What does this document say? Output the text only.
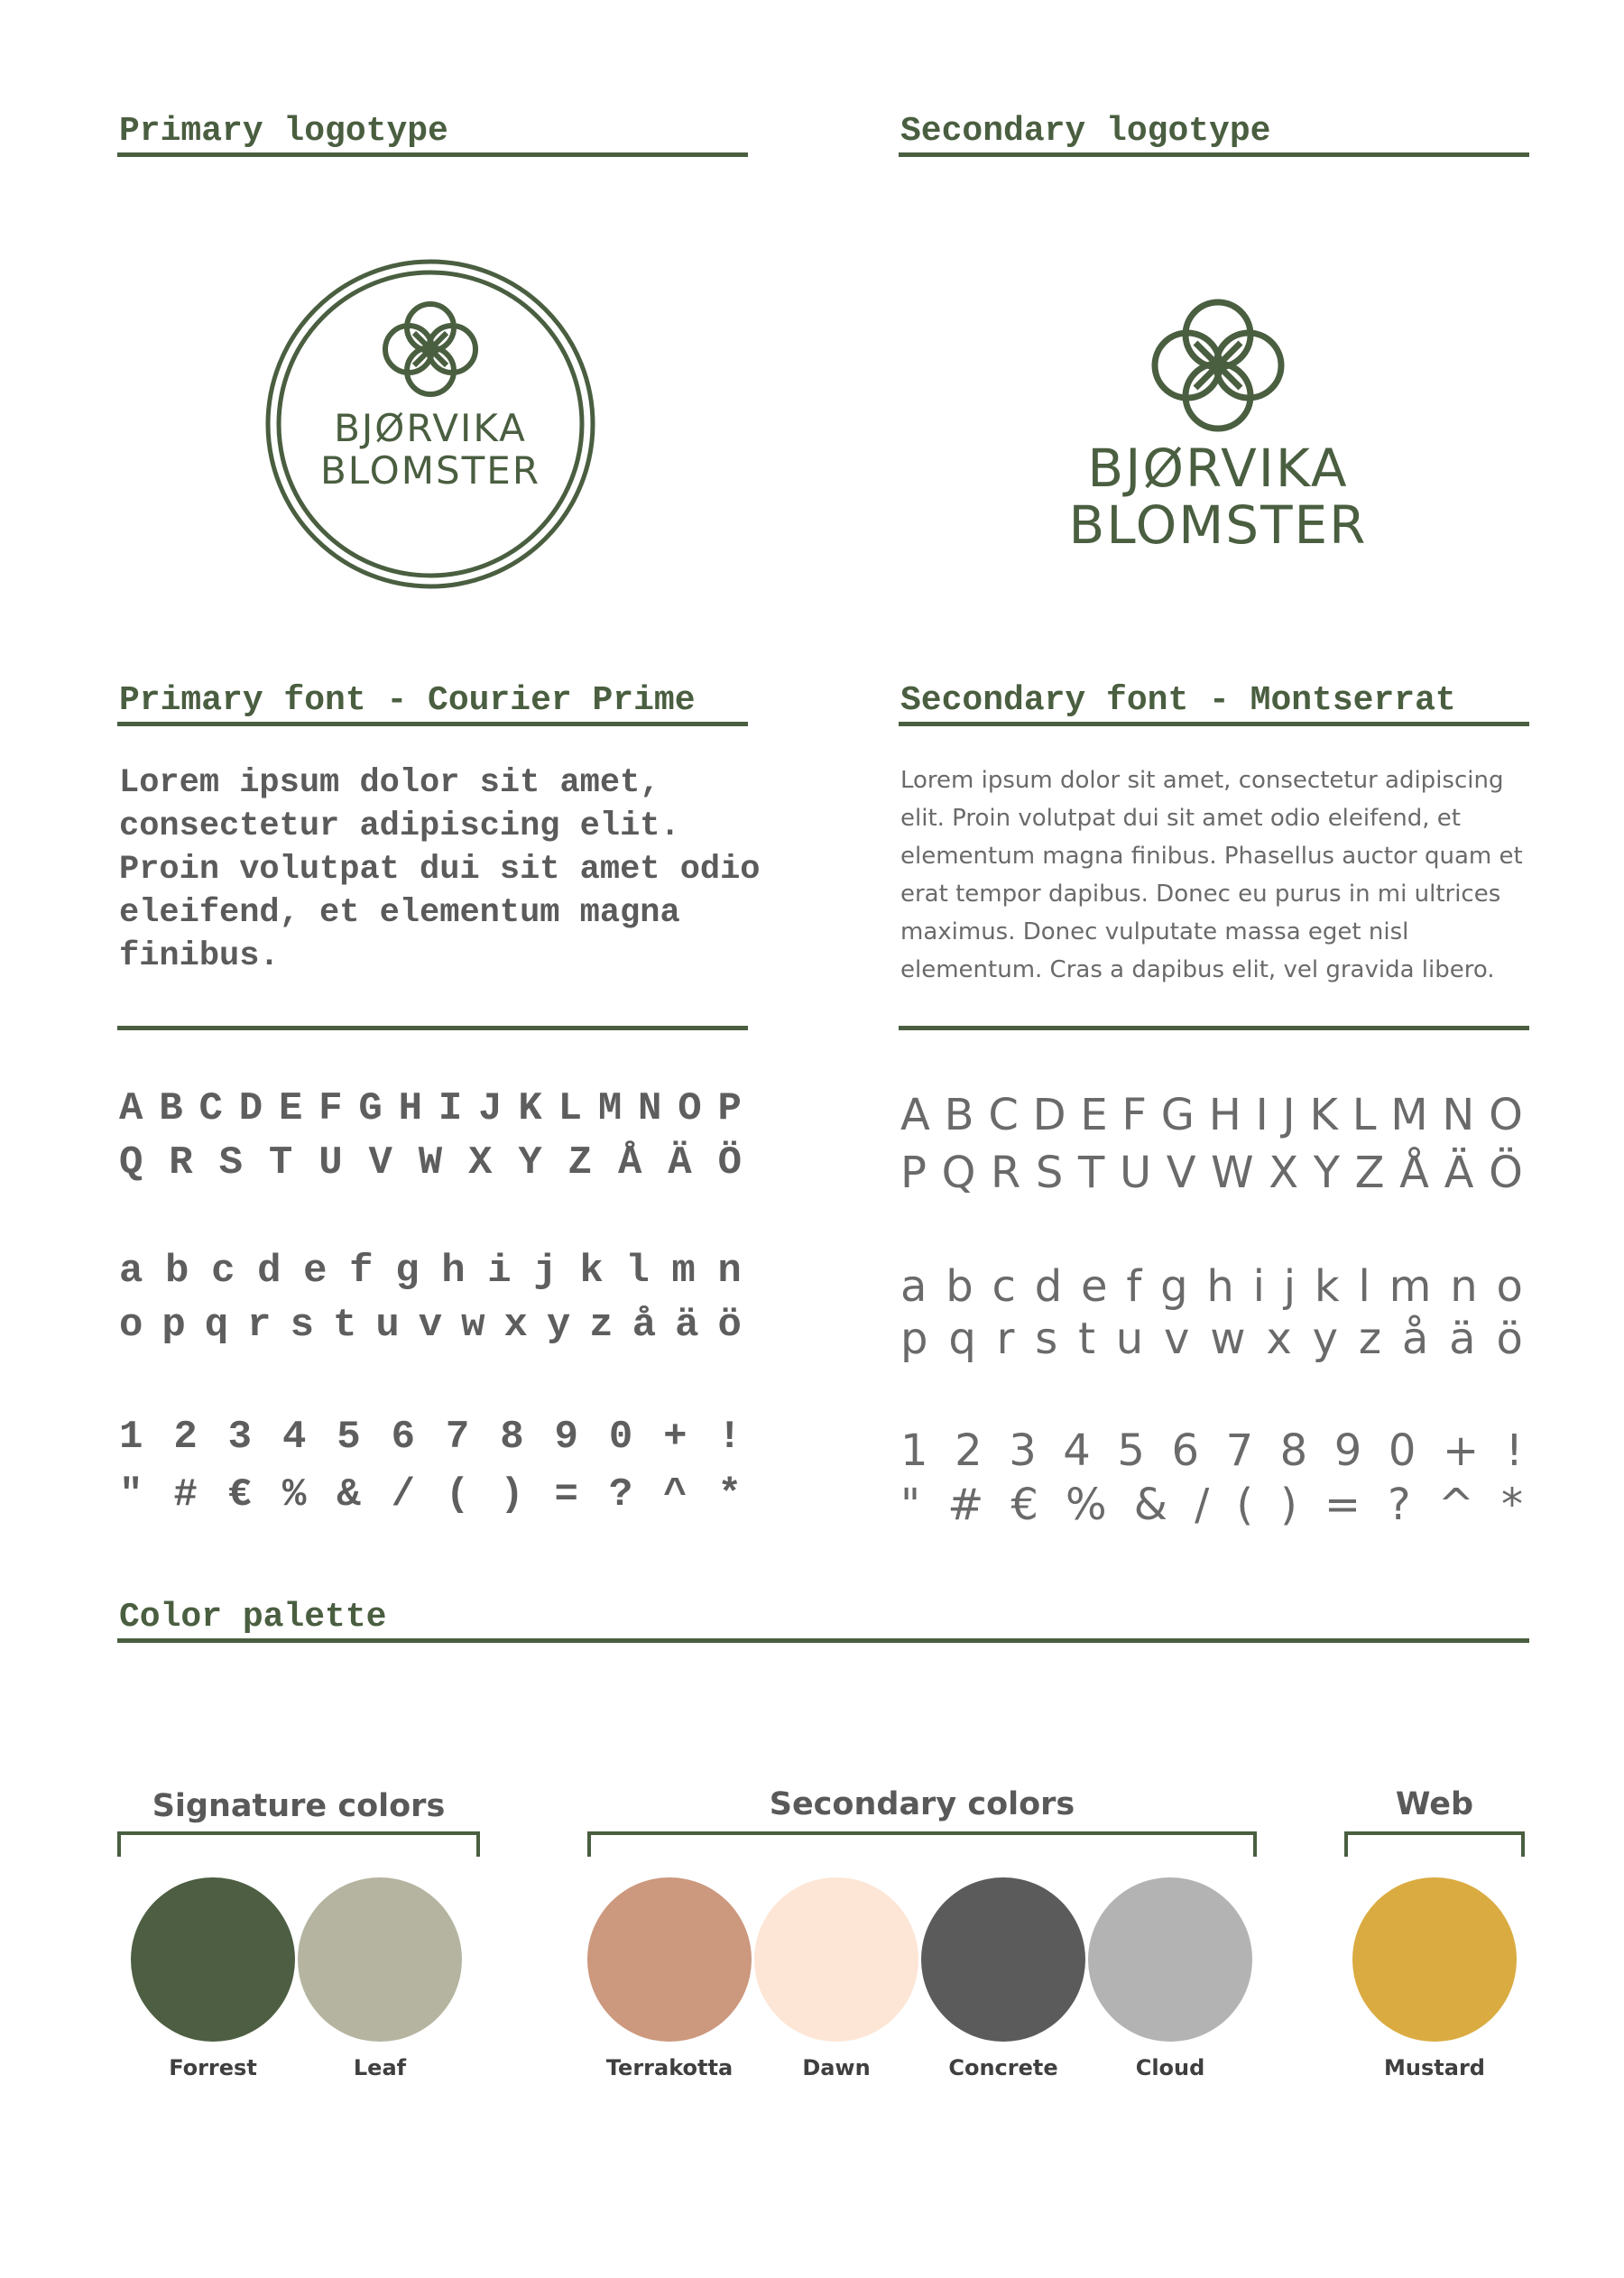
Primary logotype	Secondary logotype
BJØRVIKA
BLOMSTER	BJØRVIKA
BLOMSTER
Primary font - Courier Prime	Secondary font - Montserrat
Lorem ipsum dolor sit amet, consectetur adipiscing elit. Proin volutpat dui sit amet odio eleifend, et elementum magna finibus.
Lorem ipsum dolor sit amet, consectetur adipiscing elit. Proin volutpat dui sit amet odio eleifend, et elementum magna finibus. Phasellus auctor quam et erat tempor dapibus. Donec eu purus in mi ultrices maximus. Donec vulputate massa eget nisl elementum. Cras a dapibus elit, vel gravida libero.
A B C D E F G H I J K L M N O P
Q R S T U V W X Y Z Å Ä Ö
a b c d e f g h i j k l m n
o p q r s t u v w x y z å ä ö
1 2 3 4 5 6 7 8 9 0 + !
" # € % & / ( ) = ? ^ *
A B C D E F G H I J K L M N O
P Q R S T U V W X Y Z Å Ä Ö
a b c d e f g h i j k l m n o
p q r s t u v w x y z å ä ö
1 2 3 4 5 6 7 8 9 0 + !
" # € % & / ( ) = ? ^ *
Color palette
Signature colors	Secondary colors	Web
Forrest	Leaf	Terrakotta	Dawn	Concrete	Cloud	Mustard
